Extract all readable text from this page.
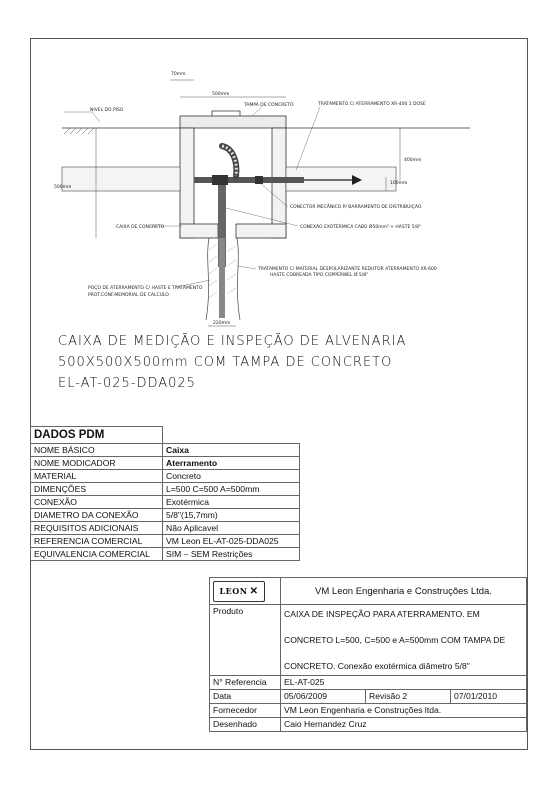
70mm
500mm
NIVEL DO PISO
TAMPA DE CONCRETO	TRATAMENTO C/ ATERRAMENTO XR-400 1 DOSE
400mm
100mm
500mm
CONECTOR MECÂNICO P/ BARRAMENTO DE DISTRIBUIÇÃO
CAIXA DE CONCRETO	CONEXÃO EXOTÉRMICA CABO Ø50mm² + HASTE 5/8"
TRATAMENTO C/ MATERIAL DESPOLARIZANTE REDUTOR ATERRAMENTO XR-600
HASTE COBREADA TIPO COPPERWEL Ø 5/8"
POÇO DE ATERRAMENTO C/ HASTE E TRATAMENTO
PROT.CONF.MEMORIAL DE CALCULO
220mm
CAIXA DE MEDIÇÃO E INSPEÇÃO DE ALVENARIA
500X500X500mm COM TAMPA DE CONCRETO
EL-AT-025-DDA025
DADOS PDM	
NOME BÁSICO	Caixa
NOME MODICADOR	Aterramento
MATERIAL	Concreto
DIMENÇÕES	L=500 C=500 A=500mm
CONEXÃO	Exotérmica
DIAMETRO DA CONEXÃO	5/8"(15,7mm)
REQUISITOS ADICIONAIS	Não Aplicavel
REFERENCIA COMERCIAL	VM Leon EL-AT-025-DDA025
EQUIVALENCIA COMERCIAL	SIM – SEM Restrições
LEON ✕	VM Leon Engenharia e Construções Ltda.		
Produto	CAIXA DE INSPEÇÃO PARA ATERRAMENTO. EM
CONCRETO L=500, C=500 e A=500mm COM TAMPA DE
CONCRETO. Conexão exotérmica diâmetro 5/8"		

N° Referencia	EL-AT-025		
Data	05/06/2009	Revisão 2	07/01/2010
Fornecedor	VM Leon Engenharia e Construções ltda.		
Desenhado	Caio Hernandez Cruz		
